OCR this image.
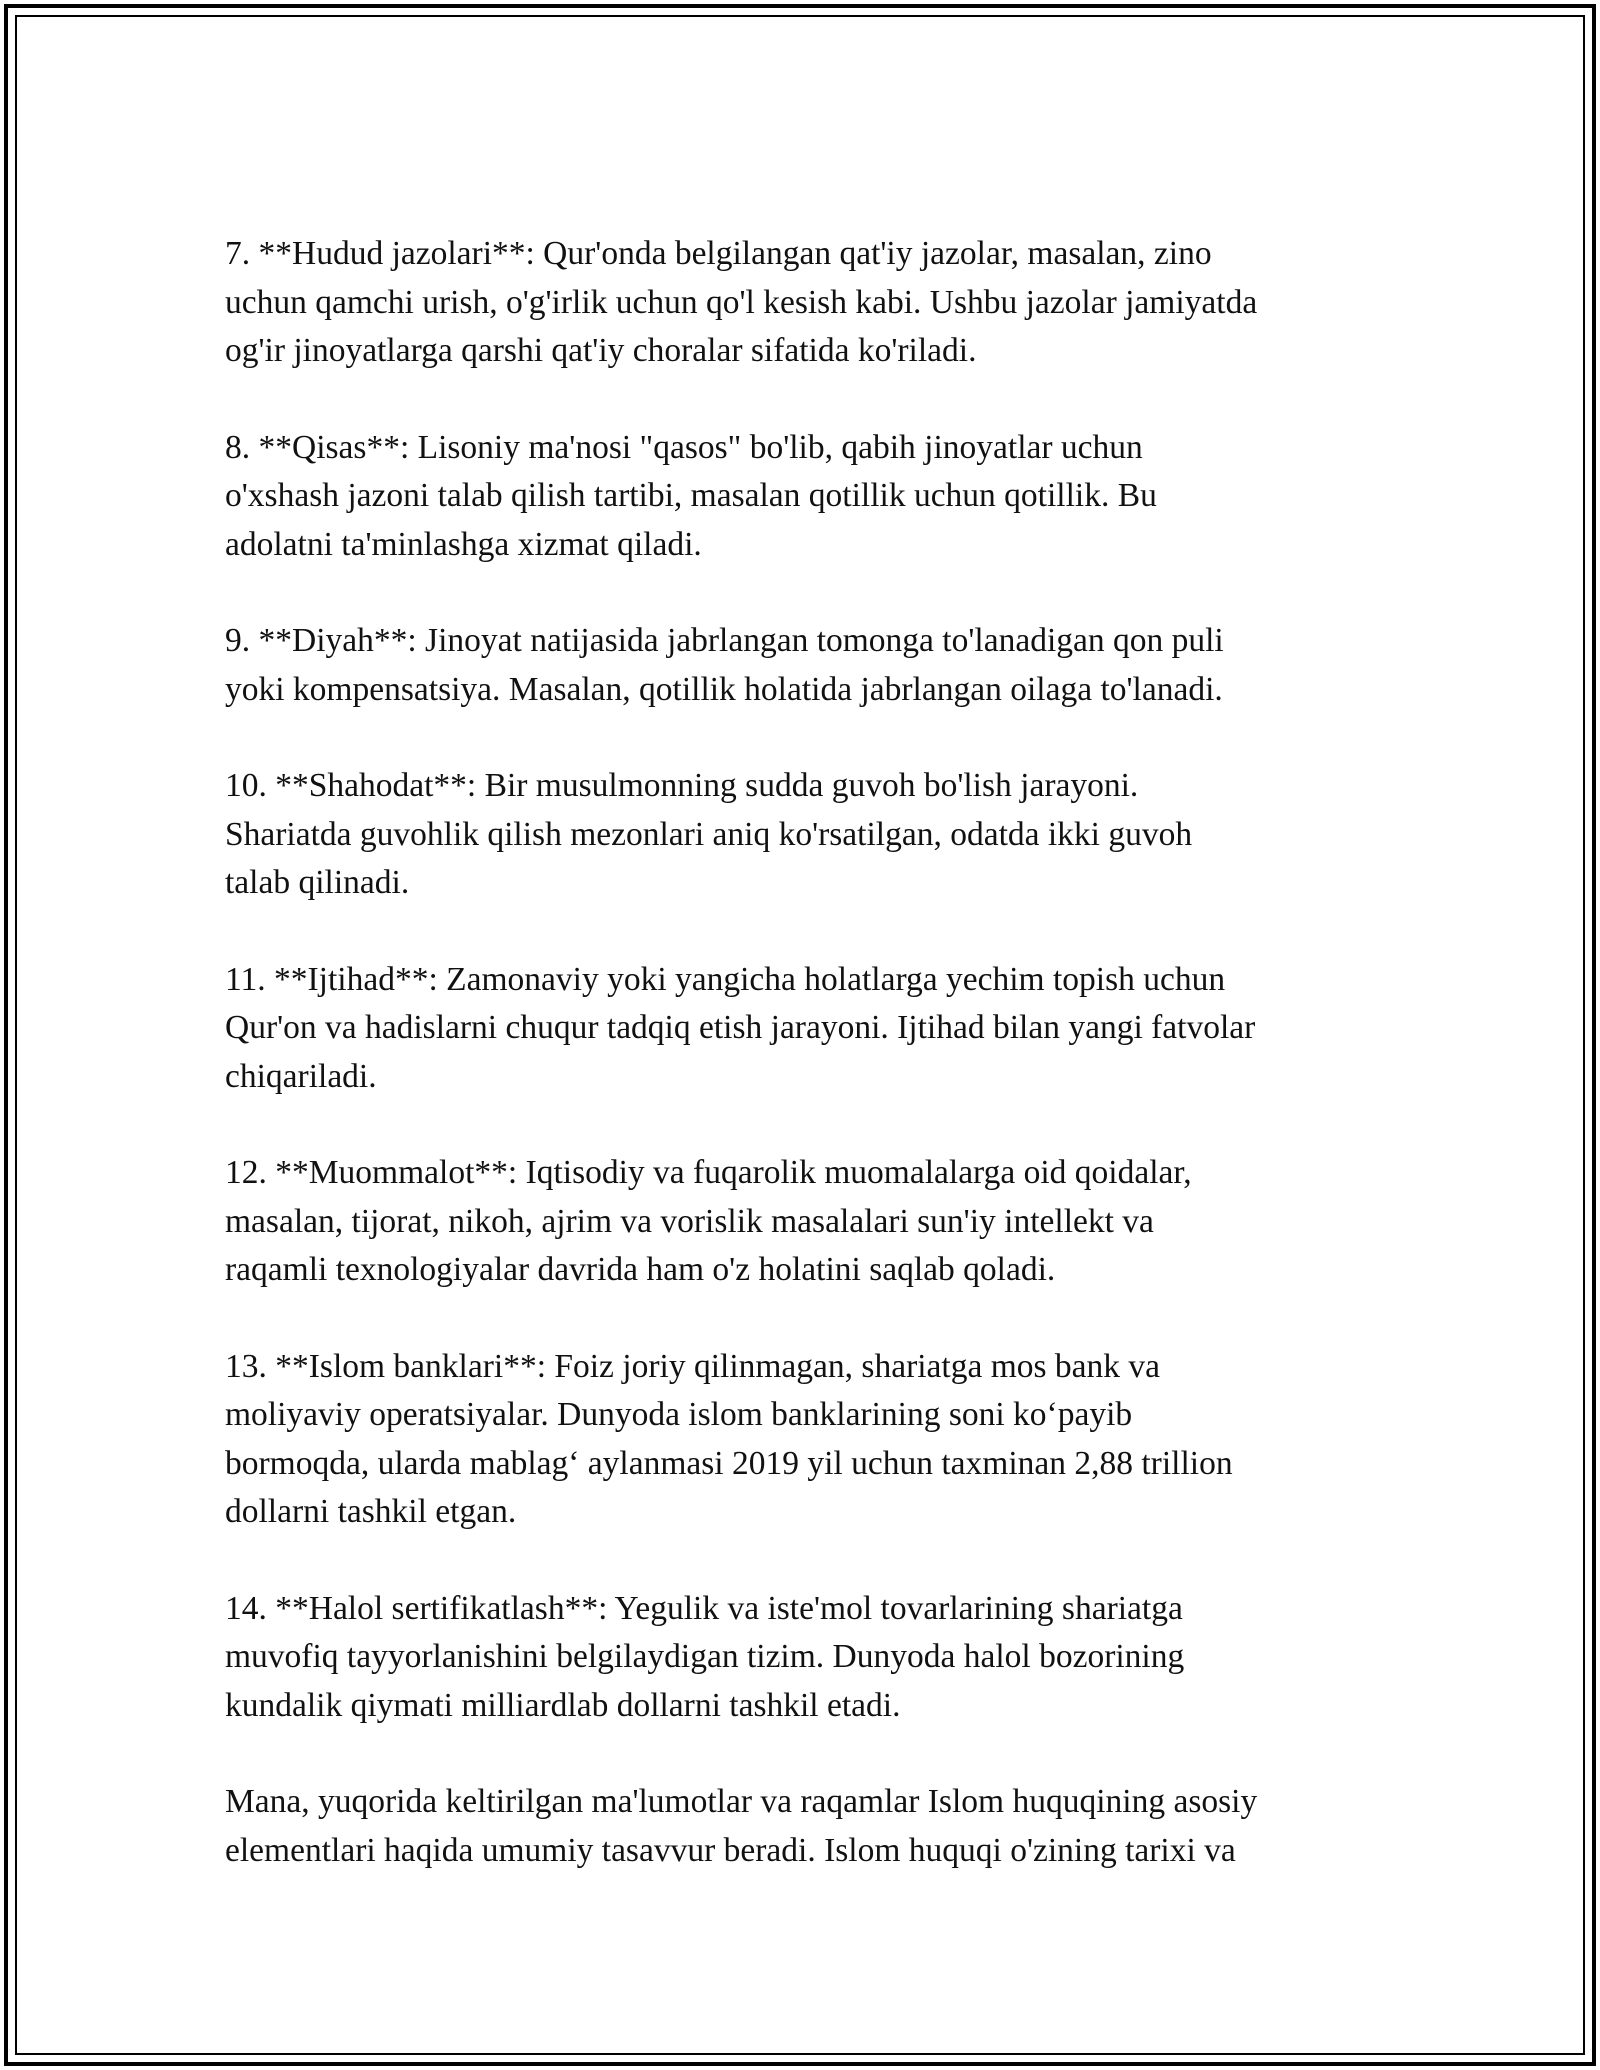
7. **Hudud jazolari**: Qur'onda belgilangan qat'iy jazolar, masalan, zino
uchun qamchi urish, o'g'irlik uchun qo'l kesish kabi. Ushbu jazolar jamiyatda
og'ir jinoyatlarga qarshi qat'iy choralar sifatida ko'riladi.

8. **Qisas**: Lisoniy ma'nosi "qasos" bo'lib, qabih jinoyatlar uchun
o'xshash jazoni talab qilish tartibi, masalan qotillik uchun qotillik. Bu
adolatni ta'minlashga xizmat qiladi.

9. **Diyah**: Jinoyat natijasida jabrlangan tomonga to'lanadigan qon puli
yoki kompensatsiya. Masalan, qotillik holatida jabrlangan oilaga to'lanadi.

10. **Shahodat**: Bir musulmonning sudda guvoh bo'lish jarayoni.
Shariatda guvohlik qilish mezonlari aniq ko'rsatilgan, odatda ikki guvoh
talab qilinadi.

11. **Ijtihad**: Zamonaviy yoki yangicha holatlarga yechim topish uchun
Qur'on va hadislarni chuqur tadqiq etish jarayoni. Ijtihad bilan yangi fatvolar
chiqariladi.

12. **Muommalot**: Iqtisodiy va fuqarolik muomalalarga oid qoidalar,
masalan, tijorat, nikoh, ajrim va vorislik masalalari sun'iy intellekt va
raqamli texnologiyalar davrida ham o'z holatini saqlab qoladi.

13. **Islom banklari**: Foiz joriy qilinmagan, shariatga mos bank va
moliyaviy operatsiyalar. Dunyoda islom banklarining soni ko‘payib
bormoqda, ularda mablag‘ aylanmasi 2019 yil uchun taxminan 2,88 trillion
dollarni tashkil etgan.

14. **Halol sertifikatlash**: Yegulik va iste'mol tovarlarining shariatga
muvofiq tayyorlanishini belgilaydigan tizim. Dunyoda halol bozorining
kundalik qiymati milliardlab dollarni tashkil etadi.

Mana, yuqorida keltirilgan ma'lumotlar va raqamlar Islom huquqining asosiy
elementlari haqida umumiy tasavvur beradi. Islom huquqi o'zining tarixi va
